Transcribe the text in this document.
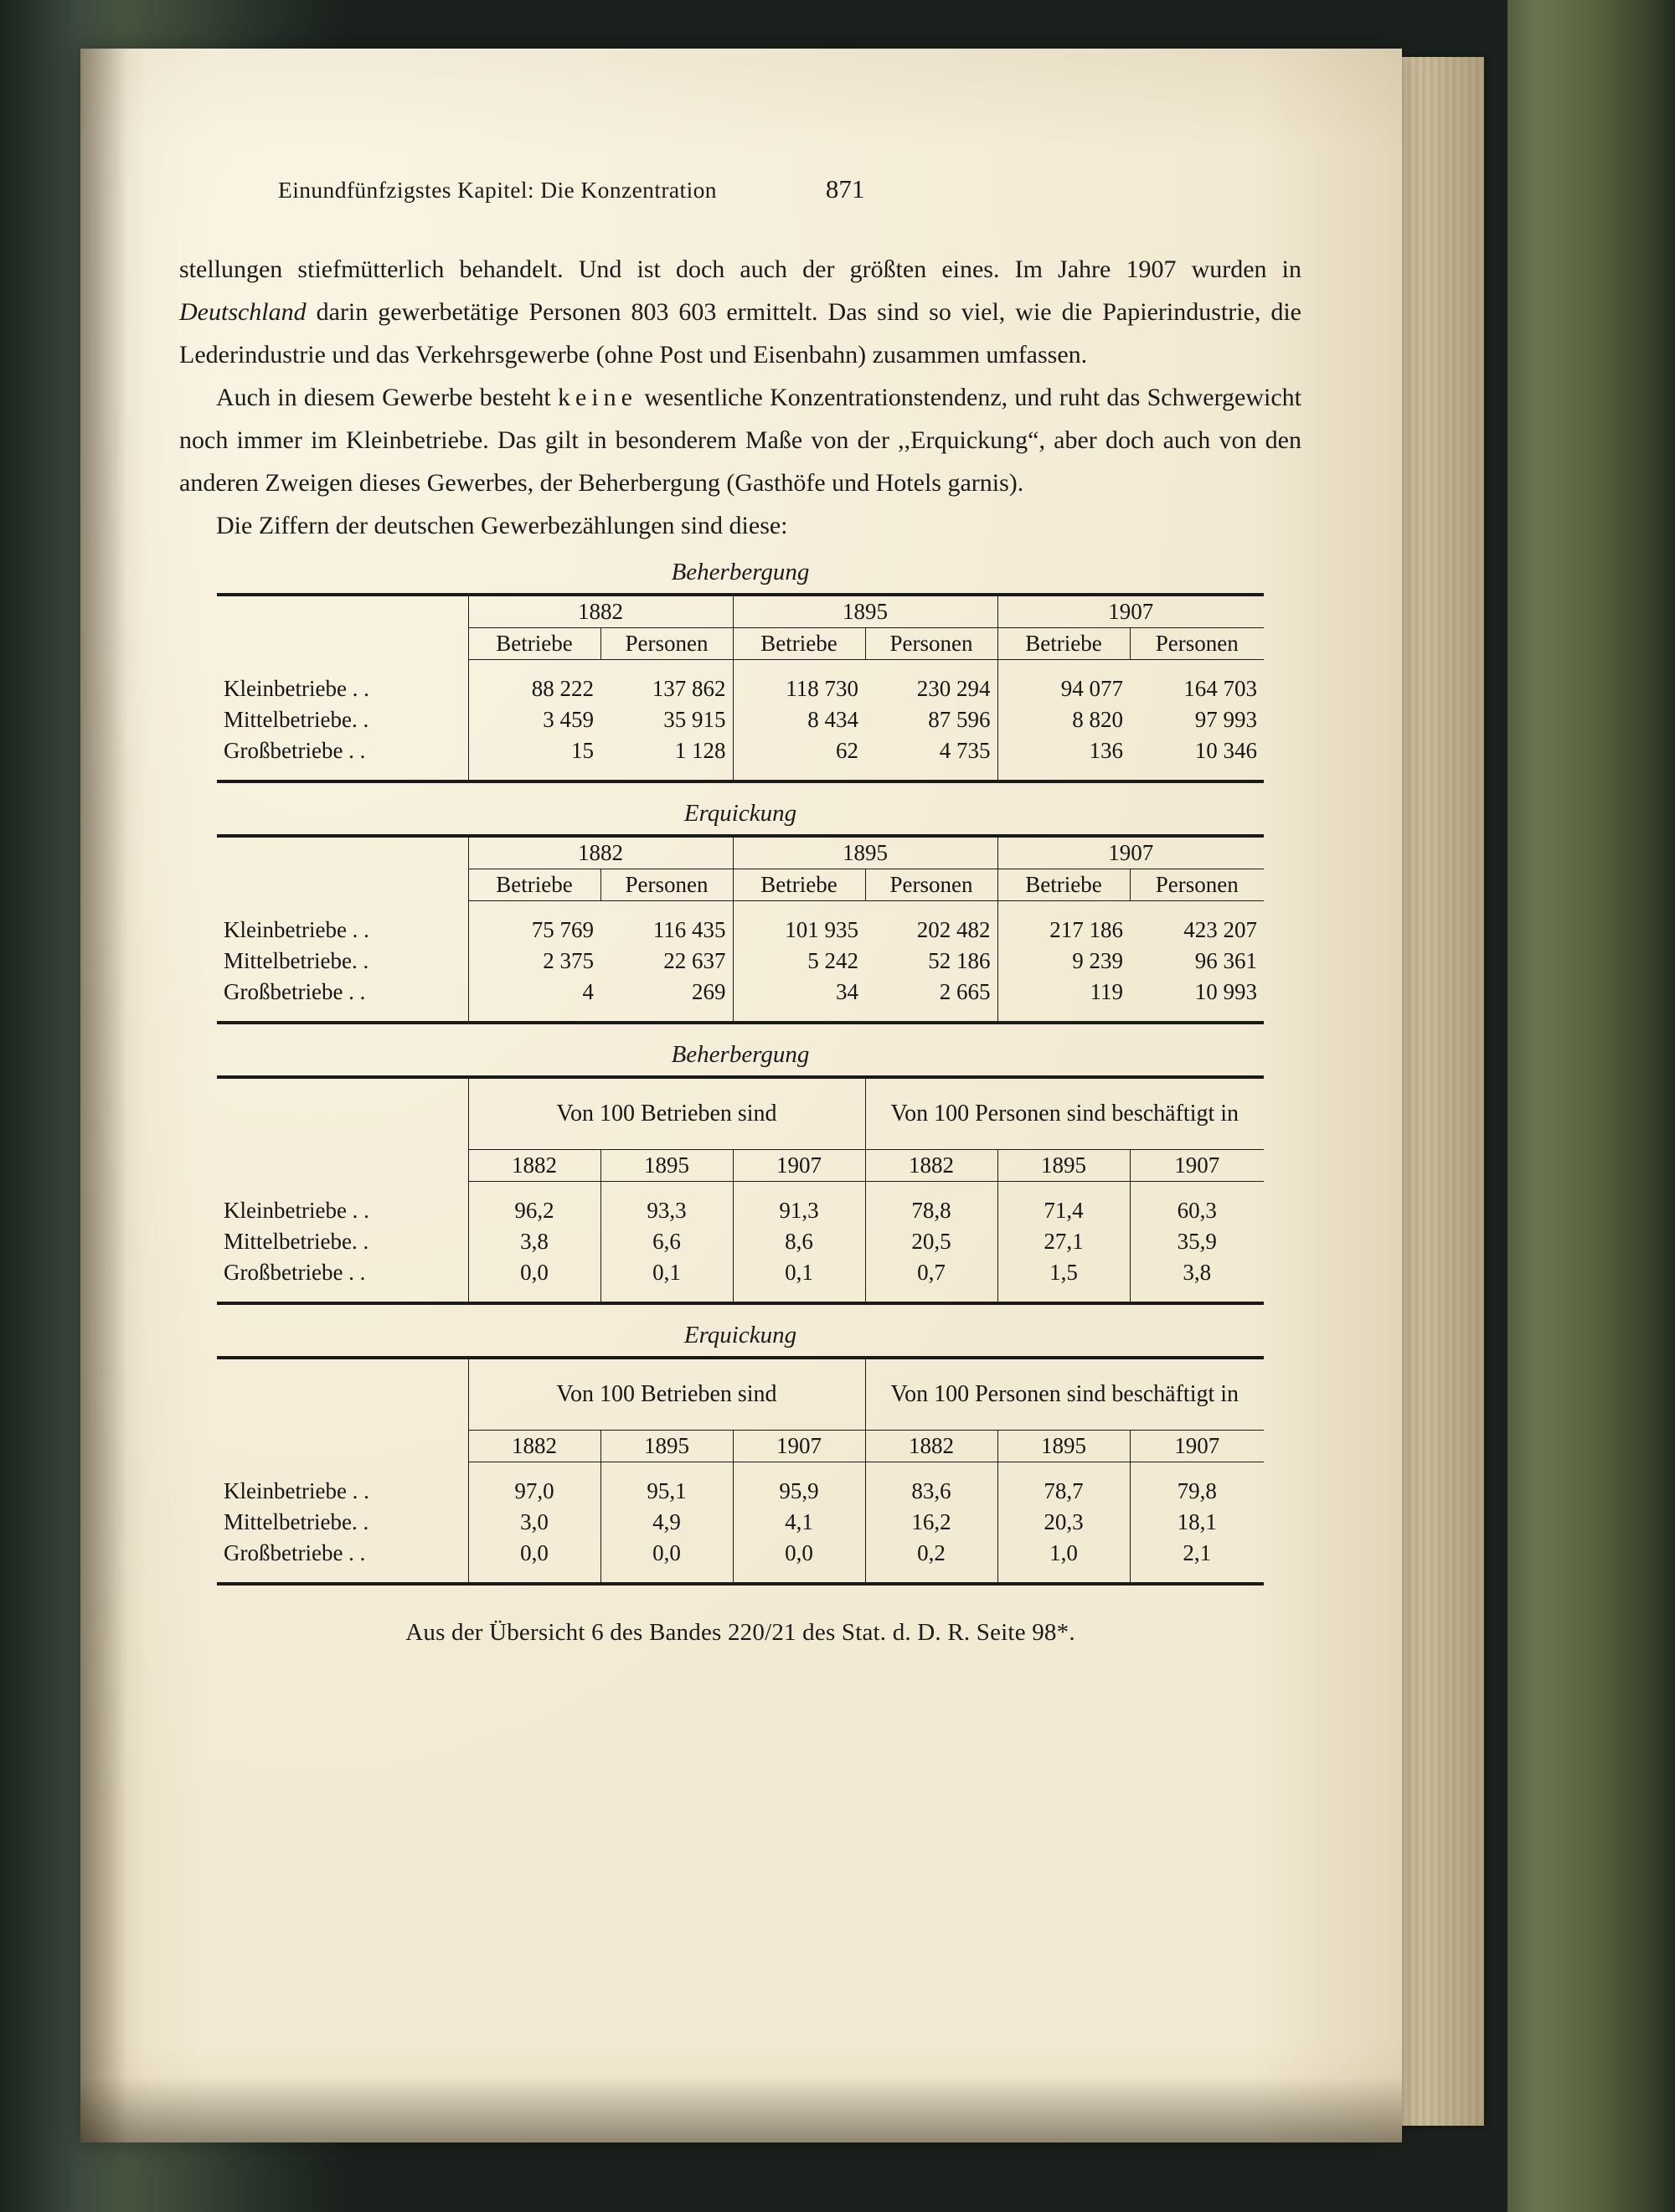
Einundfünfzigstes Kapitel: Die Konzentration	871

stellungen stiefmütterlich behandelt. Und ist doch auch der größten eines. Im Jahre 1907 wurden in Deutschland darin gewerbetätige Personen 803 603 ermittelt. Das sind so viel, wie die Papierindustrie, die Lederindustrie und das Verkehrsgewerbe (ohne Post und Eisenbahn) zusammen umfassen.

Auch in diesem Gewerbe besteht keine wesentliche Konzentrationstendenz, und ruht das Schwergewicht noch immer im Kleinbetriebe. Das gilt in besonderem Maße von der ,,Erquickung“, aber doch auch von den anderen Zweigen dieses Gewerbes, der Beherbergung (Gasthöfe und Hotels garnis).

Die Ziffern der deutschen Gewerbezählungen sind diese:

Beherbergung
	1882		1895		1907	
	Betriebe	Personen	Betriebe	Personen	Betriebe	Personen

Kleinbetriebe . .	88 222	137 862	118 730	230 294	94 077	164 703
Mittelbetriebe. .	3 459	35 915	8 434	87 596	8 820	97 993
Großbetriebe . .	15	1 128	62	4 735	136	10 346

Erquickung
	1882		1895		1907	
	Betriebe	Personen	Betriebe	Personen	Betriebe	Personen

Kleinbetriebe . .	75 769	116 435	101 935	202 482	217 186	423 207
Mittelbetriebe. .	2 375	22 637	5 242	52 186	9 239	96 361
Großbetriebe . .	4	269	34	2 665	119	10 993

Beherbergung
	Von 100 Betrieben sind			Von 100 Personen sind beschäftigt in		
	1882	1895	1907	1882	1895	1907

Kleinbetriebe . .	96,2	93,3	91,3	78,8	71,4	60,3
Mittelbetriebe. .	3,8	6,6	8,6	20,5	27,1	35,9
Großbetriebe . .	0,0	0,1	0,1	0,7	1,5	3,8

Erquickung
	Von 100 Betrieben sind			Von 100 Personen sind beschäftigt in		
	1882	1895	1907	1882	1895	1907

Kleinbetriebe . .	97,0	95,1	95,9	83,6	78,7	79,8
Mittelbetriebe. .	3,0	4,9	4,1	16,2	20,3	18,1
Großbetriebe . .	0,0	0,0	0,0	0,2	1,0	2,1

Aus der Übersicht 6 des Bandes 220/21 des Stat. d. D. R. Seite 98*.
